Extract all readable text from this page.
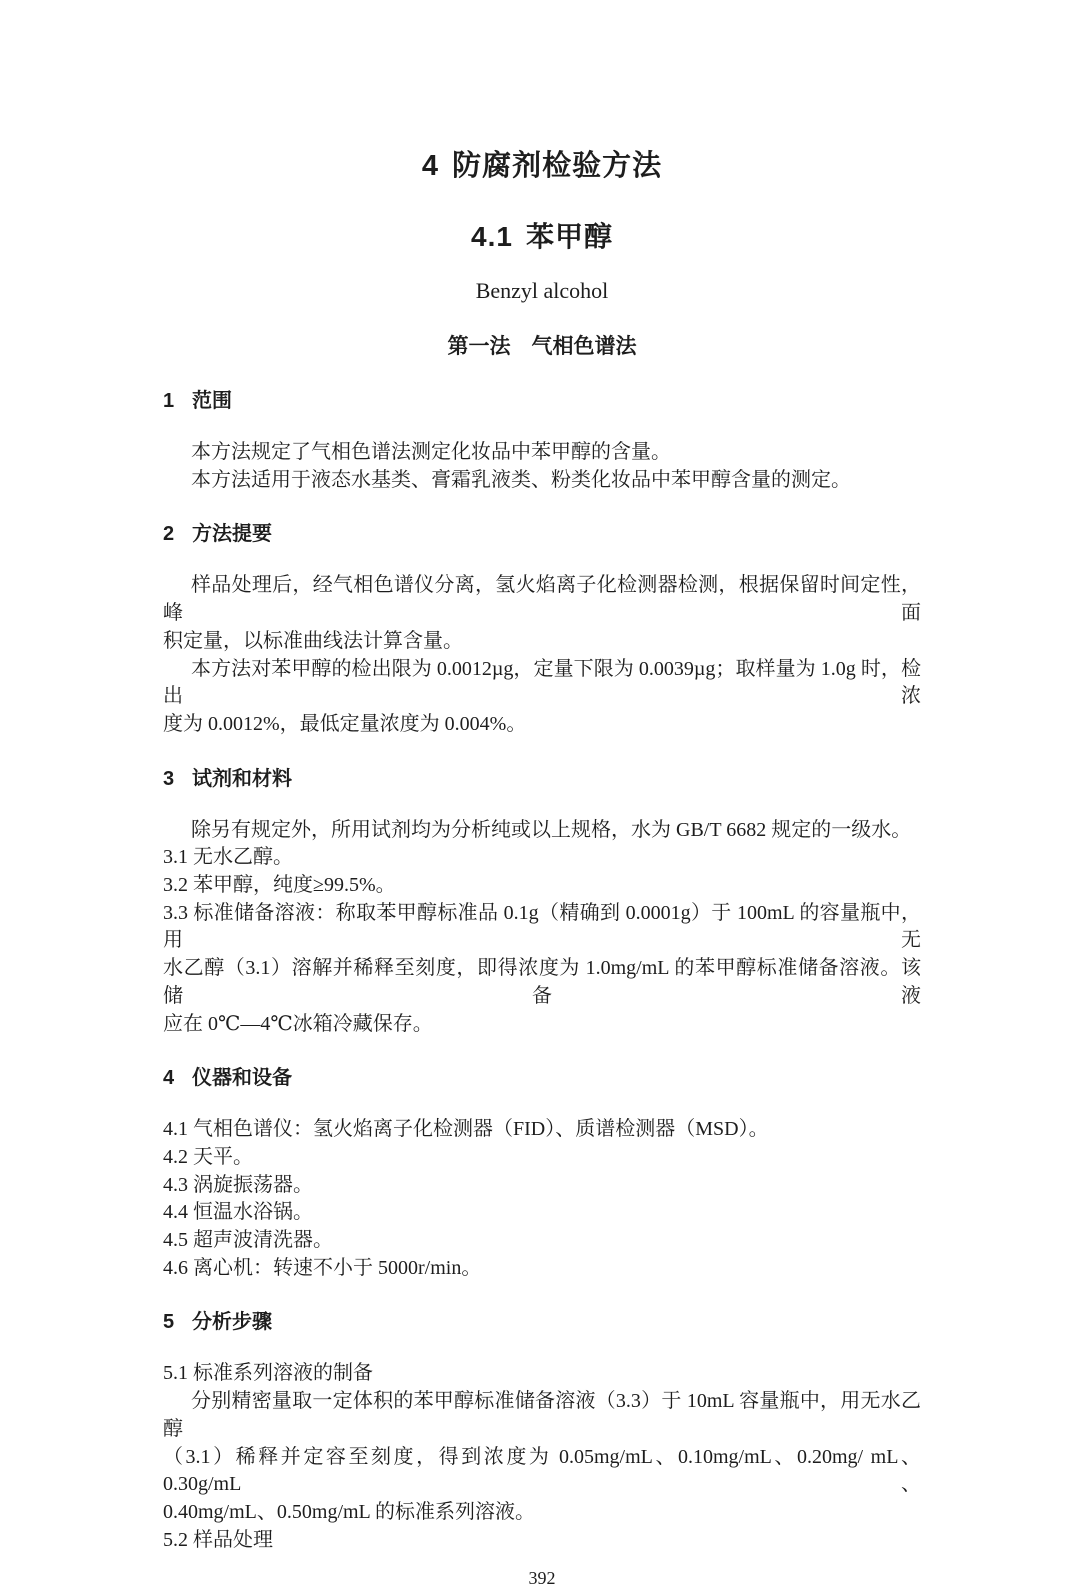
4 防腐剂检验方法
4.1 苯甲醇
Benzyl alcohol
第一法　气相色谱法
1 范围
本方法规定了气相色谱法测定化妆品中苯甲醇的含量。
本方法适用于液态水基类、膏霜乳液类、粉类化妆品中苯甲醇含量的测定。
2 方法提要
样品处理后，经气相色谱仪分离，氢火焰离子化检测器检测，根据保留时间定性，峰面
积定量，以标准曲线法计算含量。
本方法对苯甲醇的检出限为 0.0012µg，定量下限为 0.0039µg；取样量为 1.0g 时，检出浓
度为 0.0012%，最低定量浓度为 0.004%。
3 试剂和材料
除另有规定外，所用试剂均为分析纯或以上规格，水为 GB/T 6682 规定的一级水。
3.1 无水乙醇。
3.2 苯甲醇，纯度≥99.5%。
3.3 标准储备溶液：称取苯甲醇标准品 0.1g（精确到 0.0001g）于 100mL 的容量瓶中，用无
水乙醇（3.1）溶解并稀释至刻度，即得浓度为 1.0mg/mL 的苯甲醇标准储备溶液。该储备液
应在 0℃—4℃冰箱冷藏保存。
4 仪器和设备
4.1 气相色谱仪：氢火焰离子化检测器（FID）、质谱检测器（MSD）。
4.2 天平。
4.3 涡旋振荡器。
4.4 恒温水浴锅。
4.5 超声波清洗器。
4.6 离心机：转速不小于 5000r/min。
5 分析步骤
5.1 标准系列溶液的制备
分别精密量取一定体积的苯甲醇标准储备溶液（3.3）于 10mL 容量瓶中，用无水乙醇
（3.1）稀释并定容至刻度，得到浓度为 0.05mg/mL、0.10mg/mL、0.20mg/ mL、0.30g/mL、
0.40mg/mL、0.50mg/mL 的标准系列溶液。
5.2 样品处理
392
